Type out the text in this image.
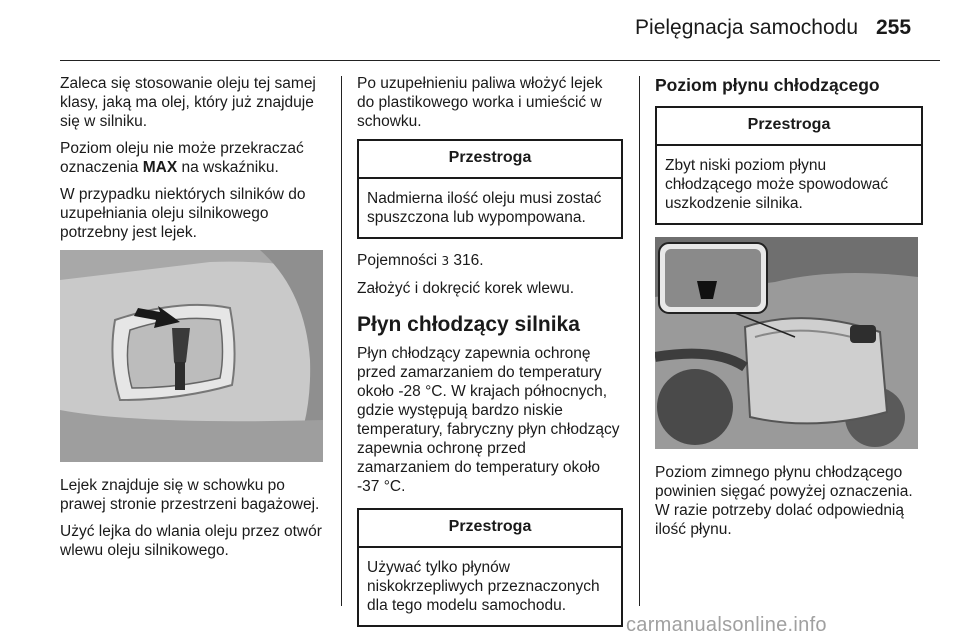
Pielęgnacja samochodu 255

Zaleca się stosowanie oleju tej samej klasy, jaką ma olej, który już znajduje się w silniku.

Poziom oleju nie może przekraczać oznaczenia MAX na wskaźniku.

W przypadku niektórych silników do uzupełniania oleju silnikowego potrzebny jest lejek.

Lejek znajduje się w schowku po prawej stronie przestrzeni bagażowej.

Użyć lejka do wlania oleju przez otwór wlewu oleju silnikowego.

Po uzupełnieniu paliwa włożyć lejek do plastikowego worka i umieścić w schowku.

Przestroga
Nadmierna ilość oleju musi zostać spuszczona lub wypompowana.

Pojemności 3 316.

Założyć i dokręcić korek wlewu.

Płyn chłodzący silnika

Płyn chłodzący zapewnia ochronę przed zamarzaniem do temperatury około -28 °C. W krajach północnych, gdzie występują bardzo niskie temperatury, fabryczny płyn chłodzący zapewnia ochronę przed zamarzaniem do temperatury około -37 °C.

Przestroga
Używać tylko płynów niskokrzepliwych przeznaczonych dla tego modelu samochodu.
Poziom płynu chłodzącego
Przestroga
Zbyt niski poziom płynu chłodzącego może spowodować uszkodzenie silnika.

Poziom zimnego płynu chłodzącego powinien sięgać powyżej oznaczenia. W razie potrzeby dolać odpowiednią ilość płynu.

carmanualsonline.info
